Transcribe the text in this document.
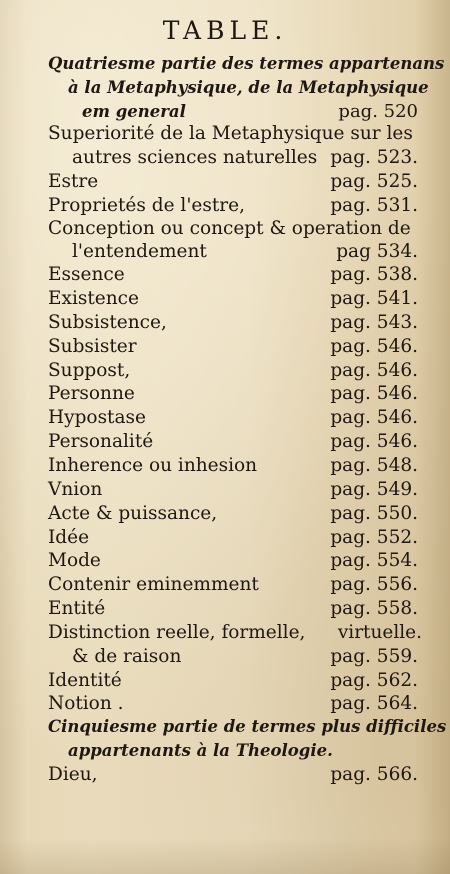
TABLE.
Quatriesme partie des termes appartenans
à la Metaphysique, de la Metaphysique
em general	pag. 520
Superiorité de la Metaphysique sur les
autres sciences naturelles pag. 523.
Estre	pag. 525.
Proprietés de l'estre,	pag. 531.
Conception ou concept & operation de
l'entendement	pag 534.
Essence	pag. 538.
Existence	pag. 541.
Subsistence,	pag. 543.
Subsister	pag. 546.
Suppost,	pag. 546.
Personne	pag. 546.
Hypostase	pag. 546.
Personalité	pag. 546.
Inherence ou inhesion	pag. 548.
Vnion	pag. 549.
Acte & puissance,	pag. 550.
Idée	pag. 552.
Mode	pag. 554.
Contenir eminemment	pag. 556.
Entité	pag. 558.
Distinction reelle, formelle, virtuelle.
& de raison	pag. 559.
Identité	pag. 562.
Notion .	pag. 564.
Cinquiesme partie de termes plus difficiles
appartenants à la Theologie.
Dieu,	pag. 566.
